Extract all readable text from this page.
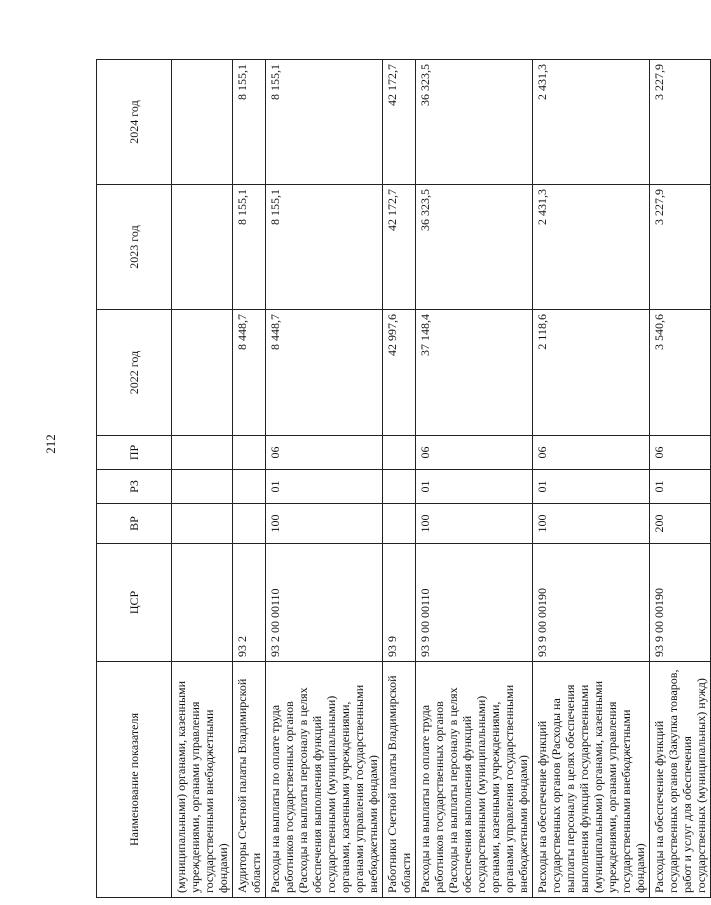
212
Наименование показателя	ЦСР	ВР	РЗ	ПР	2022 год	2023 год	2024 год
(муниципальными) органами, казенными учреждениями, органами управления государственными внебюджетными фондами)							
Аудиторы Счетной палаты Владимирской области	93 2				8 448,7	8 155,1	8 155,1
Расходы на выплаты по оплате труда работников государственных органов (Расходы на выплаты персоналу в целях обеспечения выполнения функций государственными (муниципальными) органами, казенными учреждениями, органами управления государственными внебюджетными фондами)	93 2 00 00110	100	01	06	8 448,7	8 155,1	8 155,1
Работники Счетной палаты Владимирской области	93 9				42 997,6	42 172,7	42 172,7
Расходы на выплаты по оплате труда работников государственных органов (Расходы на выплаты персоналу в целях обеспечения выполнения функций государственными (муниципальными) органами, казенными учреждениями, органами управления государственными внебюджетными фондами)	93 9 00 00110	100	01	06	37 148,4	36 323,5	36 323,5
Расходы на обеспечение функций государственных органов (Расходы на выплаты персоналу в целях обеспечения выполнения функций государственными (муниципальными) органами, казенными учреждениями, органами управления государственными внебюджетными фондами)	93 9 00 00190	100	01	06	2 118,6	2 431,3	2 431,3
Расходы на обеспечение функций государственных органов (Закупка товаров, работ и услуг для обеспечения государственных (муниципальных) нужд)	93 9 00 00190	200	01	06	3 540,6	3 227,9	3 227,9
